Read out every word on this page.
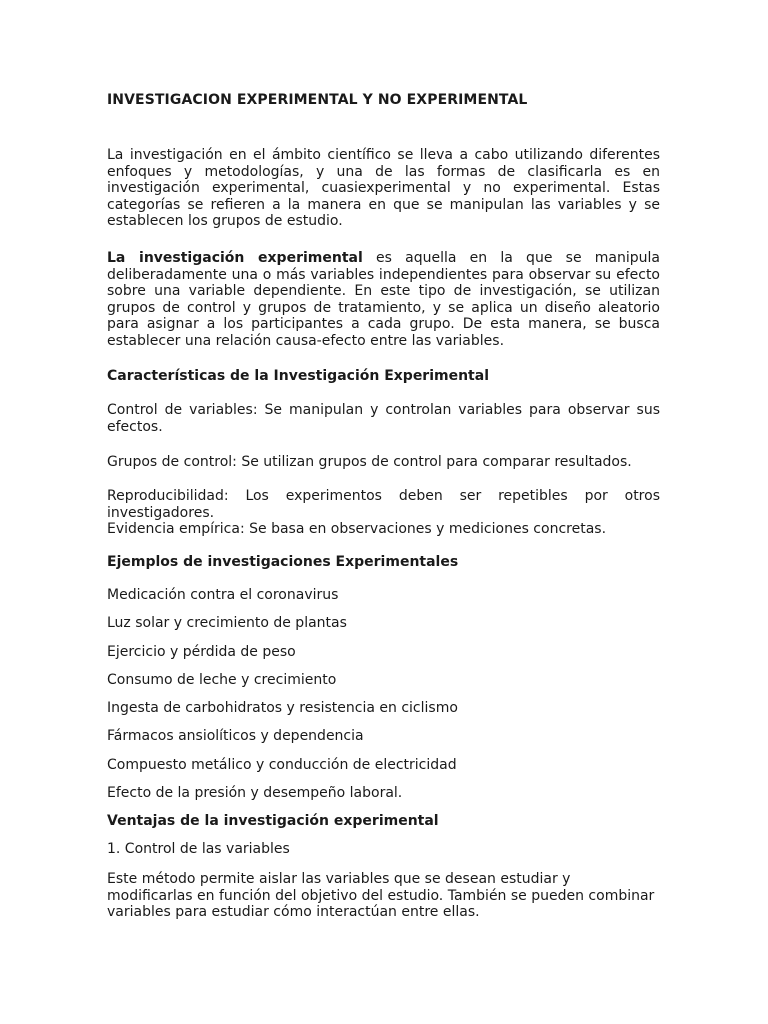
INVESTIGACION EXPERIMENTAL Y NO EXPERIMENTAL

La investigación en el ámbito científico se lleva a cabo utilizando diferentes enfoques y metodologías, y una de las formas de clasificarla es en investigación experimental, cuasiexperimental y no experimental. Estas categorías se refieren a la manera en que se manipulan las variables y se establecen los grupos de estudio.

La investigación experimental es aquella en la que se manipula deliberadamente una o más variables independientes para observar su efecto sobre una variable dependiente. En este tipo de investigación, se utilizan grupos de control y grupos de tratamiento, y se aplica un diseño aleatorio para asignar a los participantes a cada grupo. De esta manera, se busca establecer una relación causa-efecto entre las variables.

Características de la Investigación Experimental

Control de variables: Se manipulan y controlan variables para observar sus efectos.

Grupos de control: Se utilizan grupos de control para comparar resultados.

Reproducibilidad: Los experimentos deben ser repetibles por otros investigadores.

Evidencia empírica: Se basa en observaciones y mediciones concretas.

Ejemplos de investigaciones Experimentales

Medicación contra el coronavirus

Luz solar y crecimiento de plantas

Ejercicio y pérdida de peso

Consumo de leche y crecimiento

Ingesta de carbohidratos y resistencia en ciclismo

Fármacos ansiolíticos y dependencia

Compuesto metálico y conducción de electricidad

Efecto de la presión y desempeño laboral.

Ventajas de la investigación experimental

1. Control de las variables

Este método permite aislar las variables que se desean estudiar y modificarlas en función del objetivo del estudio. También se pueden combinar variables para estudiar cómo interactúan entre ellas.
